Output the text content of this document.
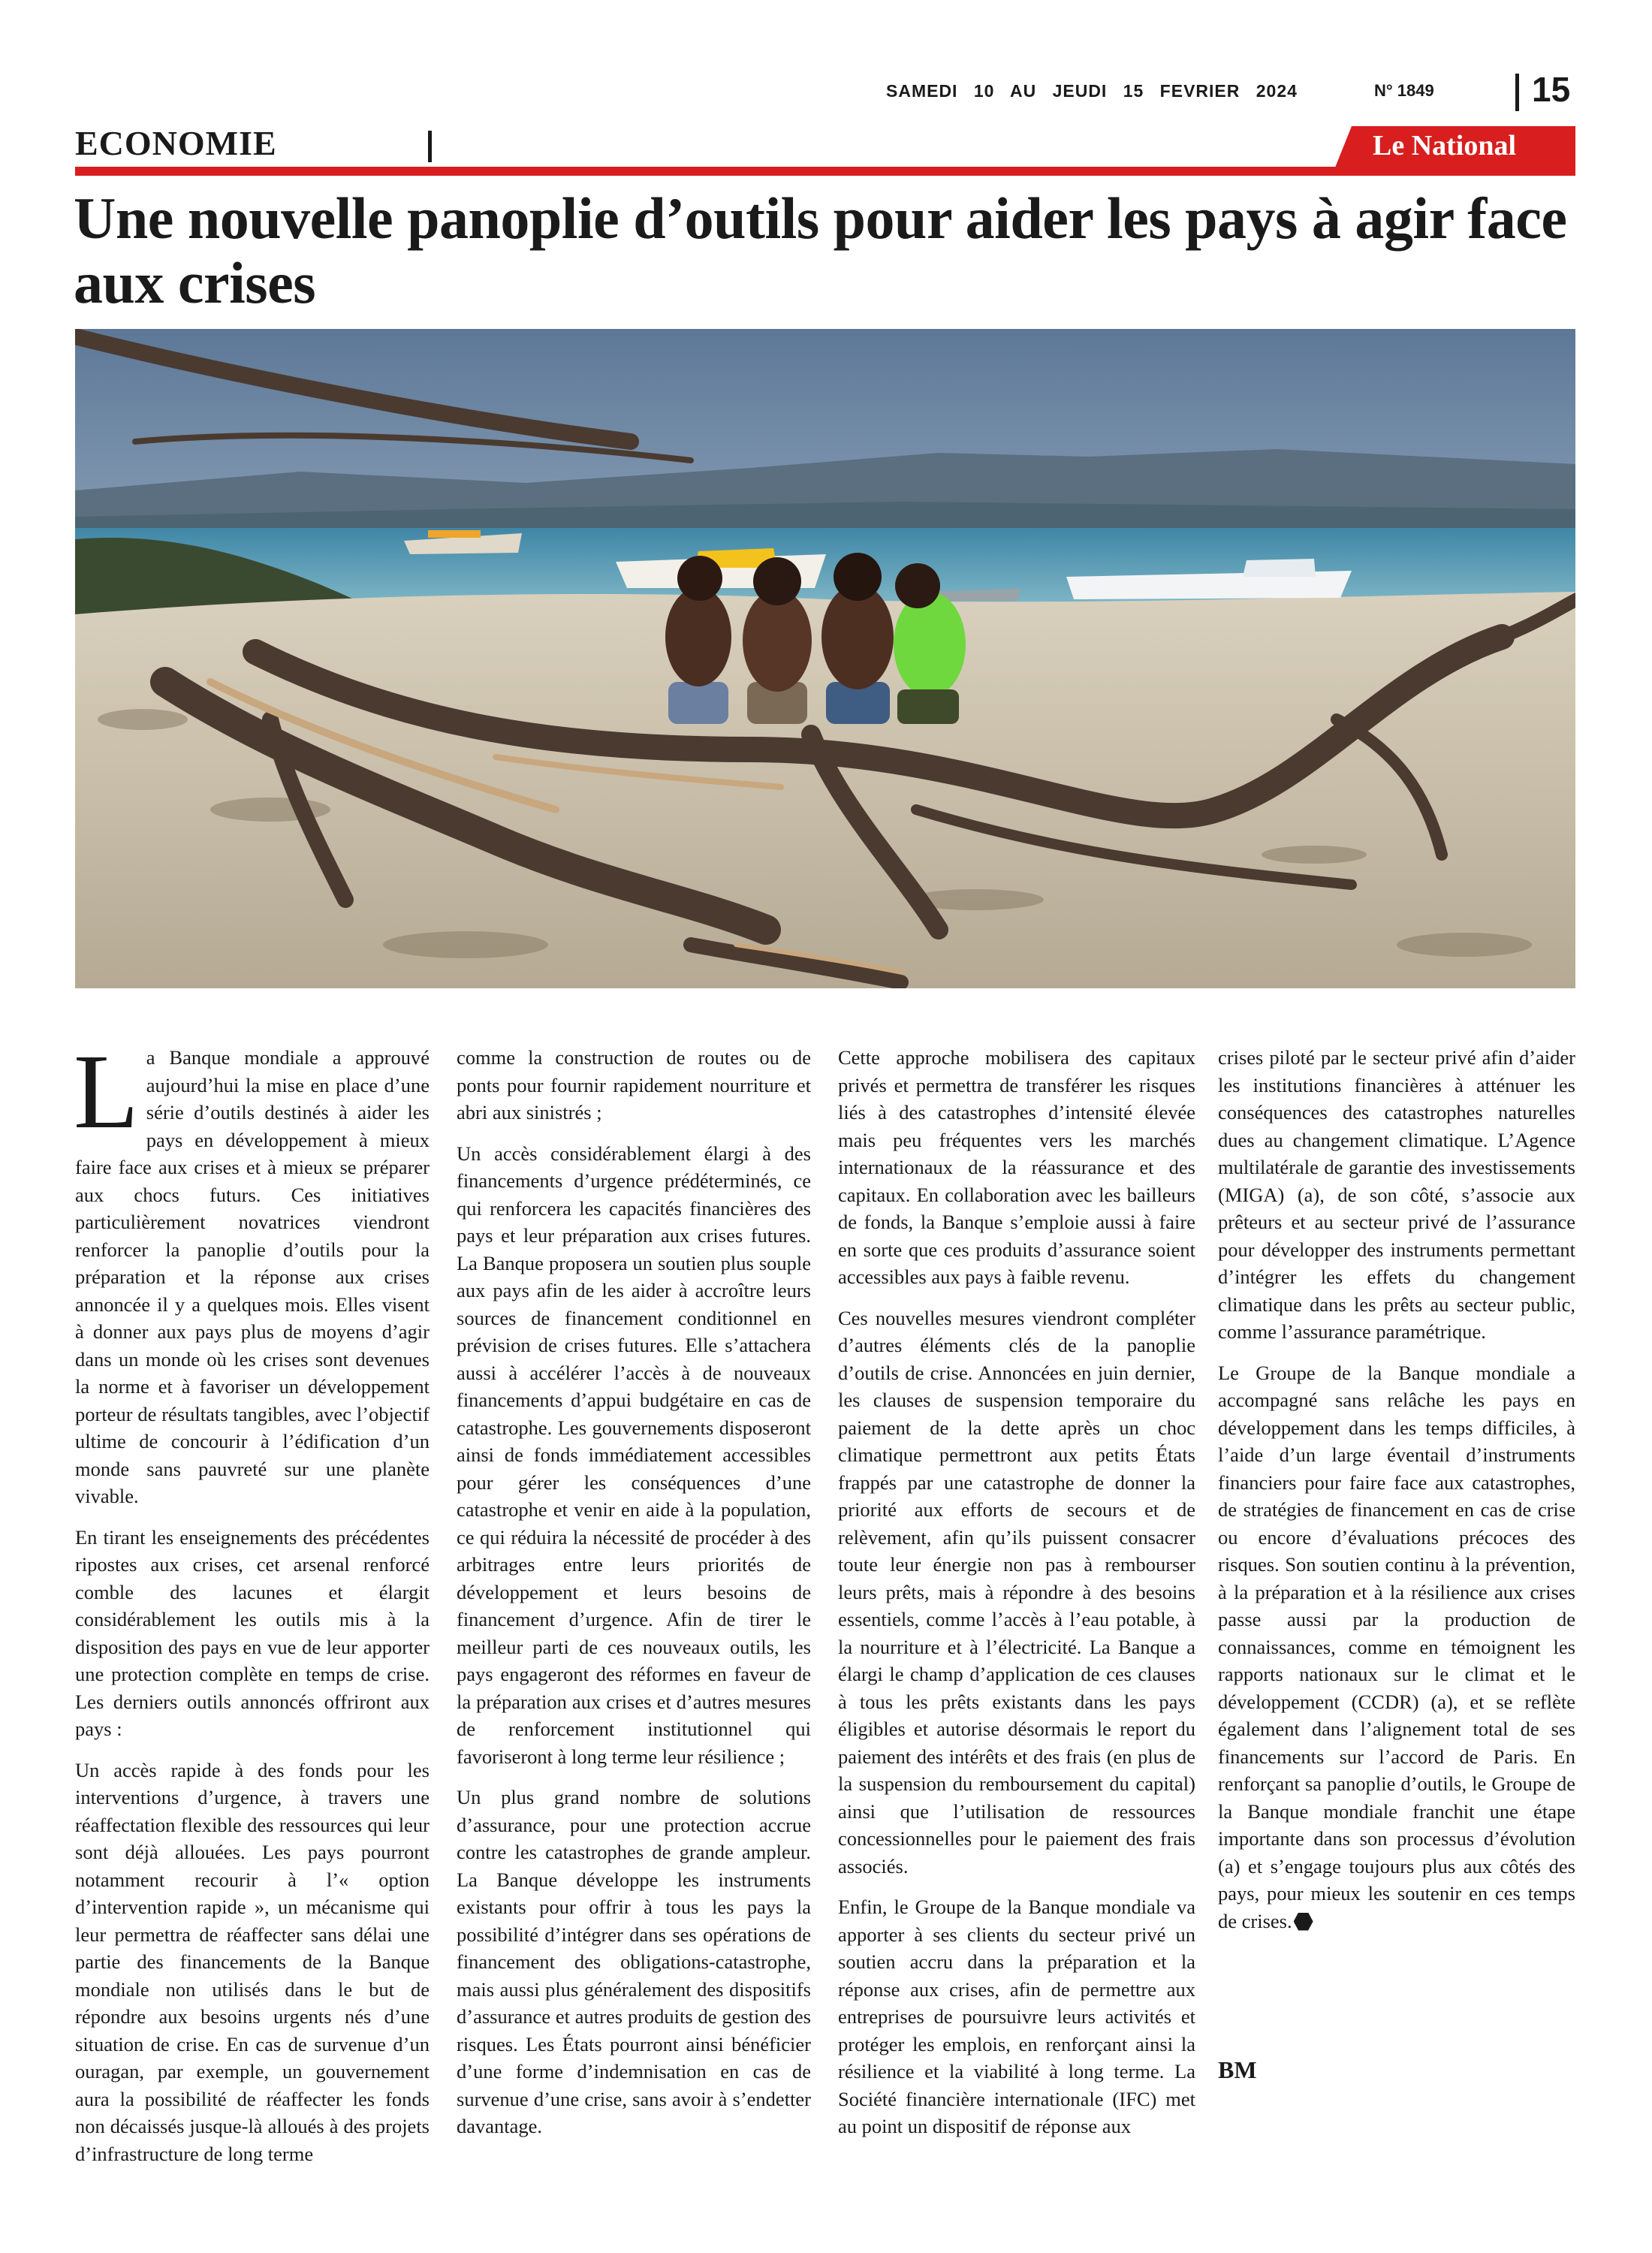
SAMEDI 10 AU JEUDI 15 FEVRIER 2024	N° 1849	15
ECONOMIE	Le National
Une nouvelle panoplie d’outils pour aider les pays à agir face aux crises

La Banque mondiale a approuvé aujourd’hui la mise en place d’une série d’outils destinés à aider les pays en développement à mieux faire face aux crises et à mieux se préparer aux chocs futurs. Ces initiatives particulièrement novatrices viendront renforcer la panoplie d’outils pour la préparation et la réponse aux crises annoncée il y a quelques mois. Elles visent à donner aux pays plus de moyens d’agir dans un monde où les crises sont devenues la norme et à favoriser un développement porteur de résultats tangibles, avec l’objectif ultime de concourir à l’édification d’un monde sans pauvreté sur une planète vivable.

En tirant les enseignements des précédentes ripostes aux crises, cet arsenal renforcé comble des lacunes et élargit considérablement les outils mis à la disposition des pays en vue de leur apporter une protection complète en temps de crise. Les derniers outils annoncés offriront aux pays :

Un accès rapide à des fonds pour les interventions d’urgence, à travers une réaffectation flexible des ressources qui leur sont déjà allouées. Les pays pourront notamment recourir à l’« option d’intervention rapide », un mécanisme qui leur permettra de réaffecter sans délai une partie des financements de la Banque mondiale non utilisés dans le but de répondre aux besoins urgents nés d’une situation de crise. En cas de survenue d’un ouragan, par exemple, un gouvernement aura la possibilité de réaffecter les fonds non décaissés jusque-là alloués à des projets d’infrastructure de long terme

comme la construction de routes ou de ponts pour fournir rapidement nourriture et abri aux sinistrés ;

Un accès considérablement élargi à des financements d’urgence prédéterminés, ce qui renforcera les capacités financières des pays et leur préparation aux crises futures. La Banque proposera un soutien plus souple aux pays afin de les aider à accroître leurs sources de financement conditionnel en prévision de crises futures. Elle s’attachera aussi à accélérer l’accès à de nouveaux financements d’appui budgétaire en cas de catastrophe. Les gouvernements disposeront ainsi de fonds immédiatement accessibles pour gérer les conséquences d’une catastrophe et venir en aide à la population, ce qui réduira la nécessité de procéder à des arbitrages entre leurs priorités de développement et leurs besoins de financement d’urgence. Afin de tirer le meilleur parti de ces nouveaux outils, les pays engageront des réformes en faveur de la préparation aux crises et d’autres mesures de renforcement institutionnel qui favoriseront à long terme leur résilience ;

Un plus grand nombre de solutions d’assurance, pour une protection accrue contre les catastrophes de grande ampleur. La Banque développe les instruments existants pour offrir à tous les pays la possibilité d’intégrer dans ses opérations de financement des obligations-catastrophe, mais aussi plus généralement des dispositifs d’assurance et autres produits de gestion des risques. Les États pourront ainsi bénéficier d’une forme d’indemnisation en cas de survenue d’une crise, sans avoir à s’endetter davantage.

Cette approche mobilisera des capitaux privés et permettra de transférer les risques liés à des catastrophes d’intensité élevée mais peu fréquentes vers les marchés internationaux de la réassurance et des capitaux. En collaboration avec les bailleurs de fonds, la Banque s’emploie aussi à faire en sorte que ces produits d’assurance soient accessibles aux pays à faible revenu.

Ces nouvelles mesures viendront compléter d’autres éléments clés de la panoplie d’outils de crise. Annoncées en juin dernier, les clauses de suspension temporaire du paiement de la dette après un choc climatique permettront aux petits États frappés par une catastrophe de donner la priorité aux efforts de secours et de relèvement, afin qu’ils puissent consacrer toute leur énergie non pas à rembourser leurs prêts, mais à répondre à des besoins essentiels, comme l’accès à l’eau potable, à la nourriture et à l’électricité. La Banque a élargi le champ d’application de ces clauses à tous les prêts existants dans les pays éligibles et autorise désormais le report du paiement des intérêts et des frais (en plus de la suspension du remboursement du capital) ainsi que l’utilisation de ressources concessionnelles pour le paiement des frais associés.

Enfin, le Groupe de la Banque mondiale va apporter à ses clients du secteur privé un soutien accru dans la préparation et la réponse aux crises, afin de permettre aux entreprises de poursuivre leurs activités et protéger les emplois, en renforçant ainsi la résilience et la viabilité à long terme. La Société financière internationale (IFC) met au point un dispositif de réponse aux

crises piloté par le secteur privé afin d’aider les institutions financières à atténuer les conséquences des catastrophes naturelles dues au changement climatique. L’Agence multilatérale de garantie des investissements (MIGA) (a), de son côté, s’associe aux prêteurs et au secteur privé de l’assurance pour développer des instruments permettant d’intégrer les effets du changement climatique dans les prêts au secteur public, comme l’assurance paramétrique.

Le Groupe de la Banque mondiale a accompagné sans relâche les pays en développement dans les temps difficiles, à l’aide d’un large éventail d’instruments financiers pour faire face aux catastrophes, de stratégies de financement en cas de crise ou encore d’évaluations précoces des risques. Son soutien continu à la prévention, à la préparation et à la résilience aux crises passe aussi par la production de connaissances, comme en témoignent les rapports nationaux sur le climat et le développement (CCDR) (a), et se reflète également dans l’alignement total de ses financements sur l’accord de Paris. En renforçant sa panoplie d’outils, le Groupe de la Banque mondiale franchit une étape importante dans son processus d’évolution (a) et s’engage toujours plus aux côtés des pays, pour mieux les soutenir en ces temps de crises.

BM
